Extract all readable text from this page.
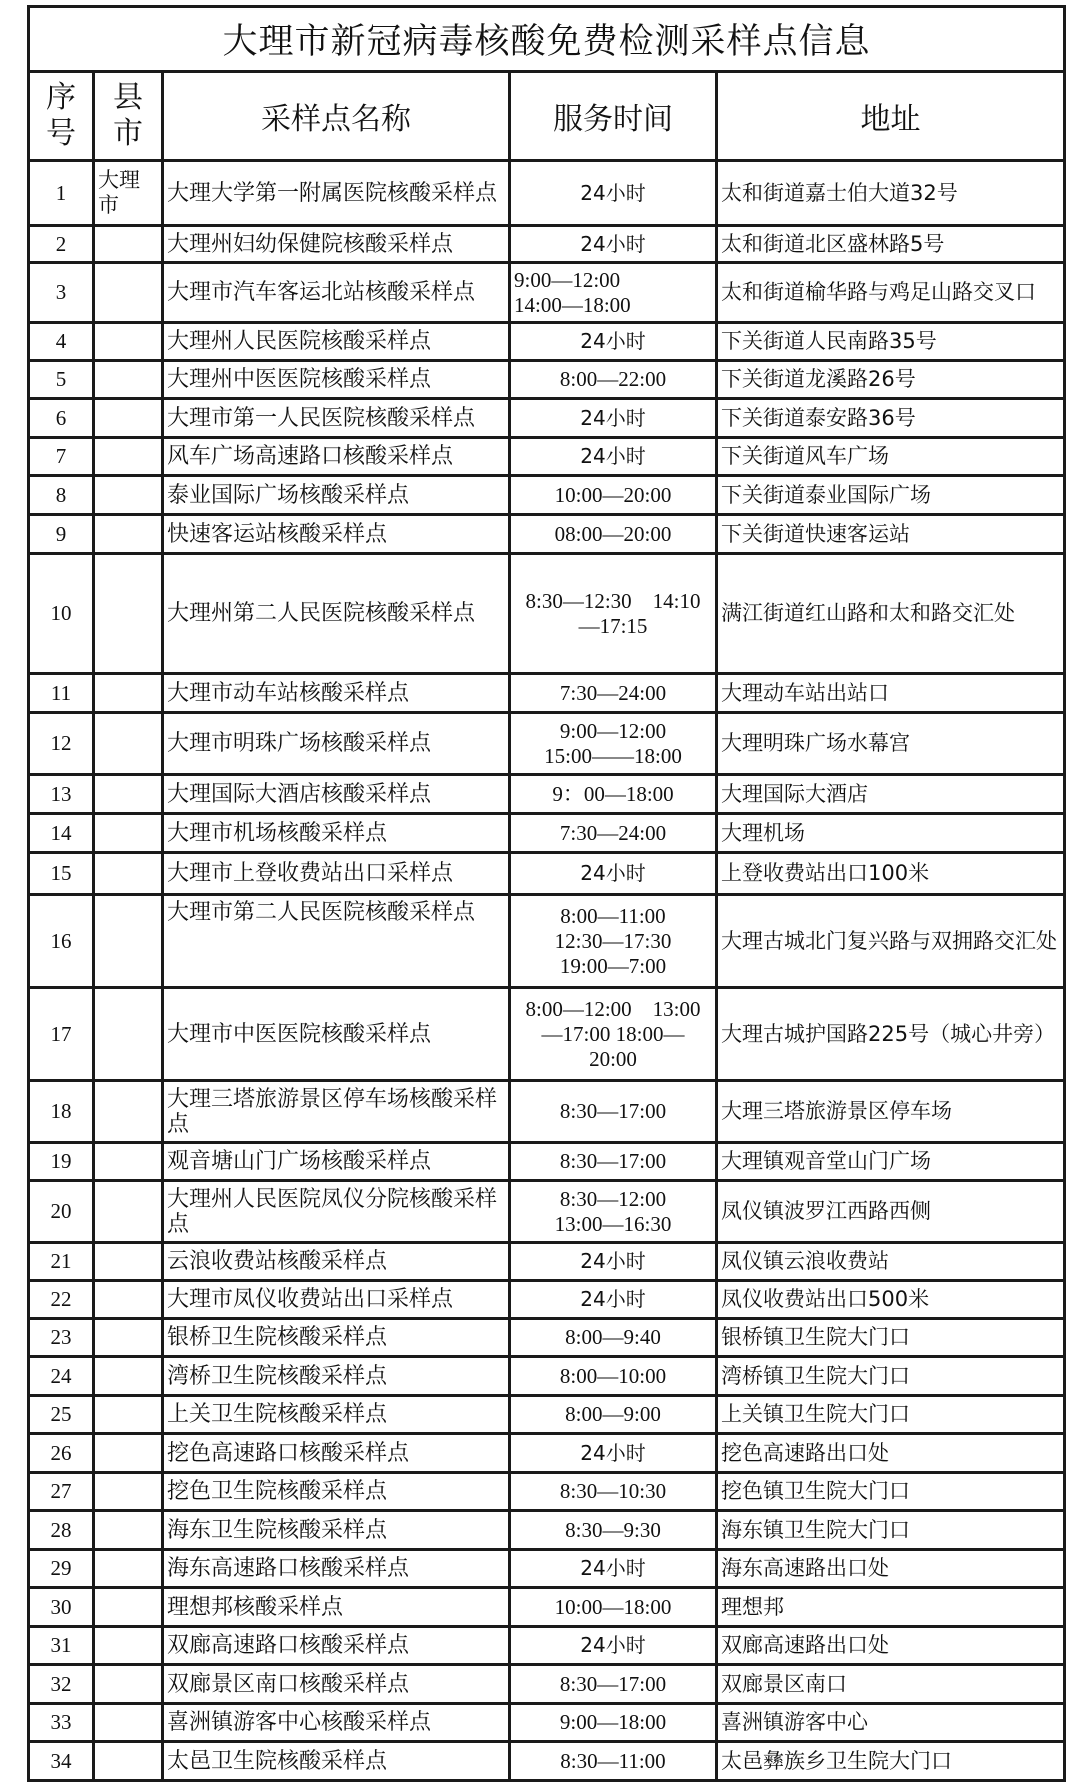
大理市新冠病毒核酸免费检测采样点信息				

序
号	县
市	采样点名称	服务时间	地址
1	大理市	大理大学第一附属医院核酸采样点	24小时	太和街道嘉士伯大道32号
2		大理州妇幼保健院核酸采样点	24小时	太和街道北区盛林路5号
3		大理市汽车客运北站核酸采样点	9:00—12:00
14:00—18:00	太和街道榆华路与鸡足山路交叉口
4		大理州人民医院核酸采样点	24小时	下关街道人民南路35号
5		大理州中医医院核酸采样点	8:00—22:00	下关街道龙溪路26号
6		大理市第一人民医院核酸采样点	24小时	下关街道泰安路36号
7		风车广场高速路口核酸采样点	24小时	下关街道风车广场
8		泰业国际广场核酸采样点	10:00—20:00	下关街道泰业国际广场
9		快速客运站核酸采样点	08:00—20:00	下关街道快速客运站
10		大理州第二人民医院核酸采样点	8:30—12:30　14:10
—17:15	满江街道红山路和太和路交汇处
11		大理市动车站核酸采样点	7:30—24:00	大理动车站出站口
12		大理市明珠广场核酸采样点	9:00—12:00
15:00——18:00	大理明珠广场水幕宫
13		大理国际大酒店核酸采样点	9：00—18:00	大理国际大酒店
14		大理市机场核酸采样点	7:30—24:00	大理机场
15		大理市上登收费站出口采样点	24小时	上登收费站出口100米
16		大理市第二人民医院核酸采样点	8:00—11:00
12:30—17:30
19:00—7:00	大理古城北门复兴路与双拥路交汇处
17		大理市中医医院核酸采样点	8:00—12:00　13:00
—17:00 18:00—
20:00	大理古城护国路225号（城心井旁）
18		大理三塔旅游景区停车场核酸采样点	8:30—17:00	大理三塔旅游景区停车场
19		观音塘山门广场核酸采样点	8:30—17:00	大理镇观音堂山门广场
20		大理州人民医院凤仪分院核酸采样点	8:30—12:00
13:00—16:30	凤仪镇波罗江西路西侧
21		云浪收费站核酸采样点	24小时	凤仪镇云浪收费站
22		大理市凤仪收费站出口采样点	24小时	凤仪收费站出口500米
23		银桥卫生院核酸采样点	8:00—9:40	银桥镇卫生院大门口
24		湾桥卫生院核酸采样点	8:00—10:00	湾桥镇卫生院大门口
25		上关卫生院核酸采样点	8:00—9:00	上关镇卫生院大门口
26		挖色高速路口核酸采样点	24小时	挖色高速路出口处
27		挖色卫生院核酸采样点	8:30—10:30	挖色镇卫生院大门口
28		海东卫生院核酸采样点	8:30—9:30	海东镇卫生院大门口
29		海东高速路口核酸采样点	24小时	海东高速路出口处
30		理想邦核酸采样点	10:00—18:00	理想邦
31		双廊高速路口核酸采样点	24小时	双廊高速路出口处
32		双廊景区南口核酸采样点	8:30—17:00	双廊景区南口
33		喜洲镇游客中心核酸采样点	9:00—18:00	喜洲镇游客中心
34		太邑卫生院核酸采样点	8:30—11:00	太邑彝族乡卫生院大门口
